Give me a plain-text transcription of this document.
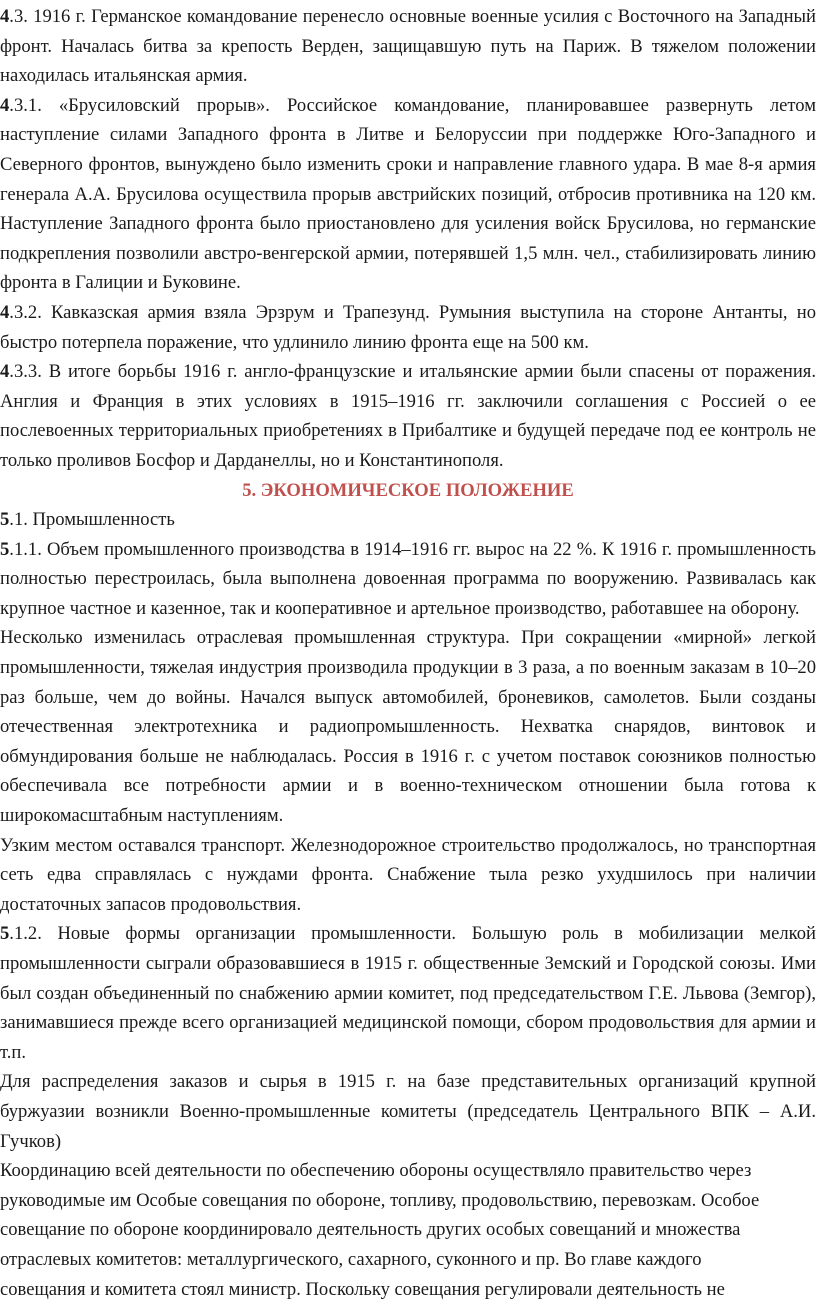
4.3. 1916 г. Германское командование перенесло основные военные усилия с Восточного на Западный фронт. Началась битва за крепость Верден, защищавшую путь на Париж. В тяжелом положении находилась итальянская армия.

4.3.1. «Брусиловский прорыв». Российское командование, планировавшее развернуть летом наступление силами Западного фронта в Литве и Белоруссии при поддержке Юго-Западного и Северного фронтов, вынуждено было изменить сроки и направление главного удара. В мае 8-я армия генерала А.А. Брусилова осуществила прорыв австрийских позиций, отбросив противника на 120 км. Наступление Западного фронта было приостановлено для усиления войск Брусилова, но германские подкрепления позволили австро-венгерской армии, потерявшей 1,5 млн. чел., стабилизировать линию фронта в Галиции и Буковине.

4.3.2. Кавказская армия взяла Эрзрум и Трапезунд. Румыния выступила на стороне Антанты, но быстро потерпела поражение, что удлинило линию фронта еще на 500 км.

4.3.3. В итоге борьбы 1916 г. англо-французские и итальянские армии были спасены от поражения. Англия и Франция в этих условиях в 1915–1916 гг. заключили соглашения с Россией о ее послевоенных территориальных приобретениях в Прибалтике и будущей передаче под ее контроль не только проливов Босфор и Дарданеллы, но и Константинополя.

5. ЭКОНОМИЧЕСКОЕ ПОЛОЖЕНИЕ

5.1. Промышленность

5.1.1. Объем промышленного производства в 1914–1916 гг. вырос на 22 %. К 1916 г. промышленность полностью перестроилась, была выполнена довоенная программа по вооружению. Развивалась как крупное частное и казенное, так и кооперативное и артельное производство, работавшее на оборону.

Несколько изменилась отраслевая промышленная структура. При сокращении «мирной» легкой промышленности, тяжелая индустрия производила продукции в 3 раза, а по военным заказам в 10–20 раз больше, чем до войны. Начался выпуск автомобилей, броневиков, самолетов. Были созданы отечественная электротехника и радиопромышленность. Нехватка снарядов, винтовок и обмундирования больше не наблюдалась. Россия в 1916 г. с учетом поставок союзников полностью обеспечивала все потребности армии и в военно-техническом отношении была готова к широкомасштабным наступлениям.

Узким местом оставался транспорт. Железнодорожное строительство продолжалось, но транспортная сеть едва справлялась с нуждами фронта. Снабжение тыла резко ухудшилось при наличии достаточных запасов продовольствия.

5.1.2. Новые формы организации промышленности. Большую роль в мобилизации мелкой промышленности сыграли образовавшиеся в 1915 г. общественные Земский и Городской союзы. Ими был создан объединенный по снабжению армии комитет, под председательством Г.Е. Львова (Земгор), занимавшиеся прежде всего организацией медицинской помощи, сбором продовольствия для армии и т.п.

Для распределения заказов и сырья в 1915 г. на базе представительных организаций крупной буржуазии возникли Военно-промышленные комитеты (председатель Центрального ВПК – А.И. Гучков)

Координацию всей деятельности по обеспечению обороны осуществляло правительство через
руководимые им Особые совещания по обороне, топливу, продовольствию, перевозкам. Особое
совещание по обороне координировало деятельность других особых совещаний и множества
отраслевых комитетов: металлургического, сахарного, суконного и пр. Во главе каждого
совещания и комитета стоял министр. Поскольку совещания регулировали деятельность не
